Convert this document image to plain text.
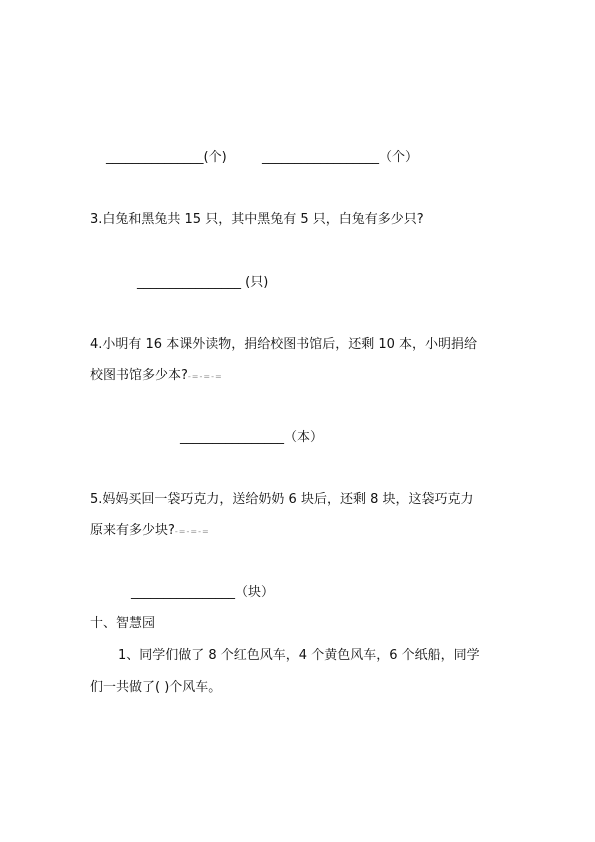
_______________(个)	__________________（个）
3.白兔和黑兔共 15 只，其中黑兔有 5 只，白兔有多少只?
________________ (只)
4.小明有 16 本课外读物，捐给校图书馆后，还剩 10 本，小明捐给
校图书馆多少本?-=-=-=
________________（本）
5.妈妈买回一袋巧克力，送给奶奶 6 块后，还剩 8 块，这袋巧克力
原来有多少块?-=-=-=
________________（块）
十、智慧园
1、同学们做了 8 个红色风车，4 个黄色风车，6 个纸船，同学
们一共做了( )个风车。
